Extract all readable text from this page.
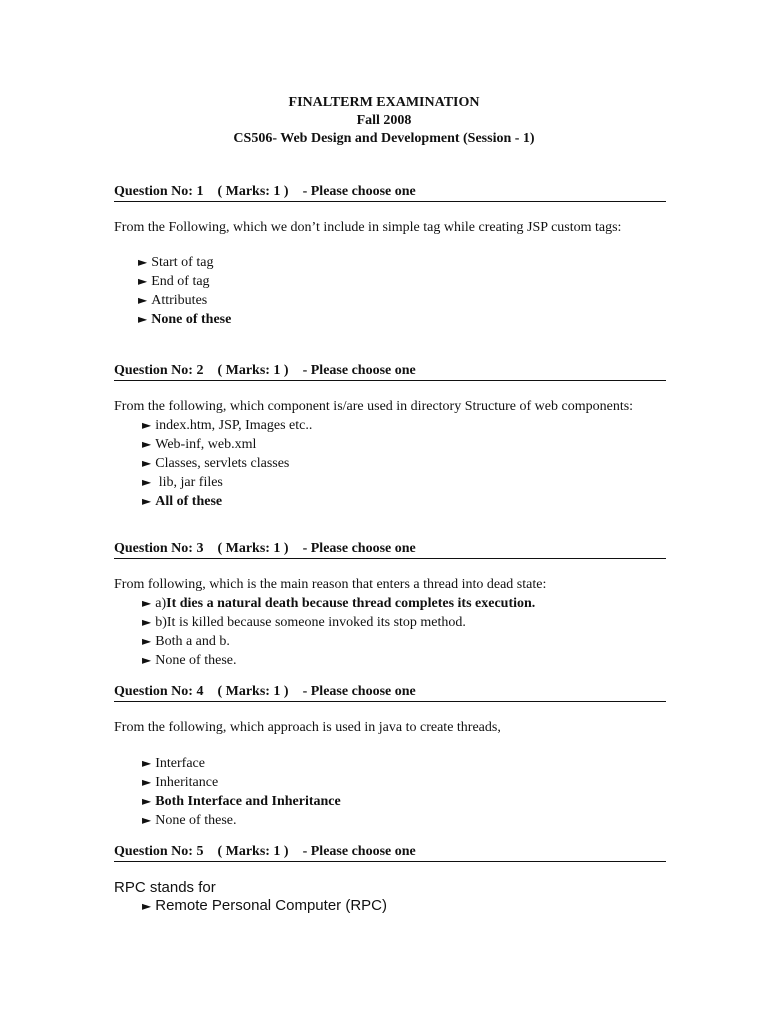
FINALTERM EXAMINATION
Fall 2008
CS506- Web Design and Development (Session - 1)
Question No: 1    ( Marks: 1 )    - Please choose one
From the Following, which we don’t include in simple tag while creating JSP custom tags:
► Start of tag
► End of tag
► Attributes
► None of these
Question No: 2    ( Marks: 1 )    - Please choose one
From the following, which component is/are used in directory Structure of web components:
► index.htm, JSP, Images etc..
► Web-inf, web.xml
► Classes, servlets classes
► lib, jar files
► All of these
Question No: 3    ( Marks: 1 )    - Please choose one
From following, which is the main reason that enters a thread into dead state:
► a)It dies a natural death because thread completes its execution.
► b)It is killed because someone invoked its stop method.
► Both a and b.
► None of these.
Question No: 4    ( Marks: 1 )    - Please choose one
From the following, which approach is used in java to create threads,
► Interface
► Inheritance
► Both Interface and Inheritance
► None of these.
Question No: 5    ( Marks: 1 )    - Please choose one
RPC stands for
► Remote Personal Computer (RPC)
